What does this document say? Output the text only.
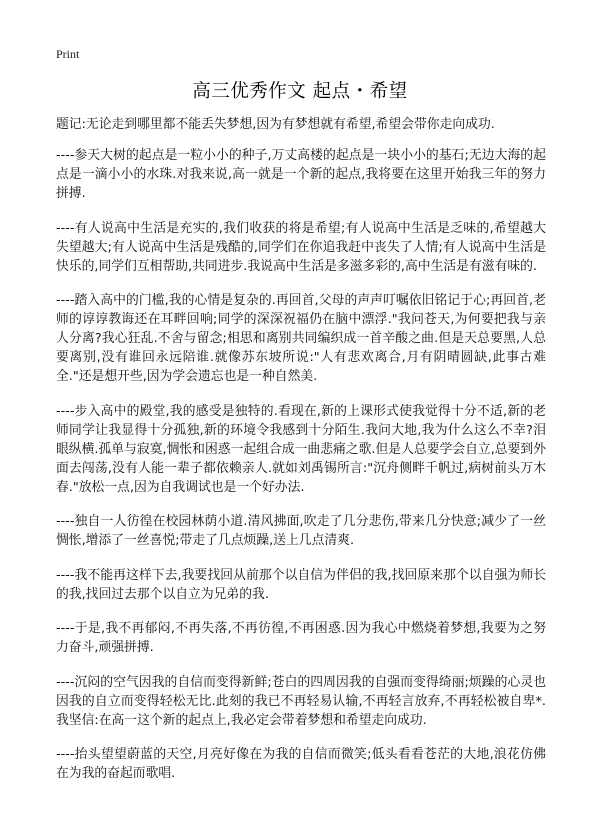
Print
高三优秀作文 起点・希望

题记:无论走到哪里都不能丢失梦想,因为有梦想就有希望,希望会带你走向成功.

----参天大树的起点是一粒小小的种子,万丈高楼的起点是一块小小的基石;无边大海的起点是一滴小小的水珠.对我来说,高一就是一个新的起点,我将要在这里开始我三年的努力拼搏.

----有人说高中生活是充实的,我们收获的将是希望;有人说高中生活是乏味的,希望越大失望越大;有人说高中生活是残酷的,同学们在你追我赶中丧失了人情;有人说高中生活是快乐的,同学们互相帮助,共同进步.我说高中生活是多滋多彩的,高中生活是有滋有味的.

----踏入高中的门槛,我的心情是复杂的.再回首,父母的声声叮嘱依旧铭记于心;再回首,老师的谆谆教诲还在耳畔回响;同学的深深祝福仍在脑中漂浮."我问苍天,为何要把我与亲人分离?我心狂乱.不舍与留念;相思和离别共同编织成一首辛酸之曲.但是天总要黑,人总要离别,没有谁回永远陪谁.就像苏东坡所说:"人有悲欢离合,月有阴晴圆缺,此事古难全."还是想开些,因为学会遗忘也是一种自然美.

----步入高中的殿堂,我的感受是独特的.看现在,新的上课形式使我觉得十分不适,新的老师同学让我显得十分孤独,新的环境令我感到十分陌生.我问大地,我为什么这么不幸?泪眼纵横.孤单与寂寞,惆怅和困惑一起组合成一曲悲痛之歌.但是人总要学会自立,总要到外面去闯荡,没有人能一辈子都依赖亲人.就如刘禹锡所言:"沉舟侧畔千帆过,病树前头万木春."放松一点,因为自我调试也是一个好办法.

----独自一人彷徨在校园林荫小道.清风拂面,吹走了几分悲伤,带来几分快意;减少了一丝惆怅,增添了一丝喜悦;带走了几点烦躁,送上几点清爽.

----我不能再这样下去,我要找回从前那个以自信为伴侣的我,找回原来那个以自强为师长的我,找回过去那个以自立为兄弟的我.

----于是,我不再郁闷,不再失落,不再彷徨,不再困惑.因为我心中燃烧着梦想,我要为之努力奋斗,顽强拼搏.

----沉闷的空气因我的自信而变得新鲜;苍白的四周因我的自强而变得绮丽;烦躁的心灵也因我的自立而变得轻松无比.此刻的我已不再轻易认输,不再轻言放弃,不再轻松被自卑*.我坚信:在高一这个新的起点上,我必定会带着梦想和希望走向成功.

----抬头望望蔚蓝的天空,月亮好像在为我的自信而微笑;低头看看苍茫的大地,浪花仿佛在为我的奋起而歌唱.
